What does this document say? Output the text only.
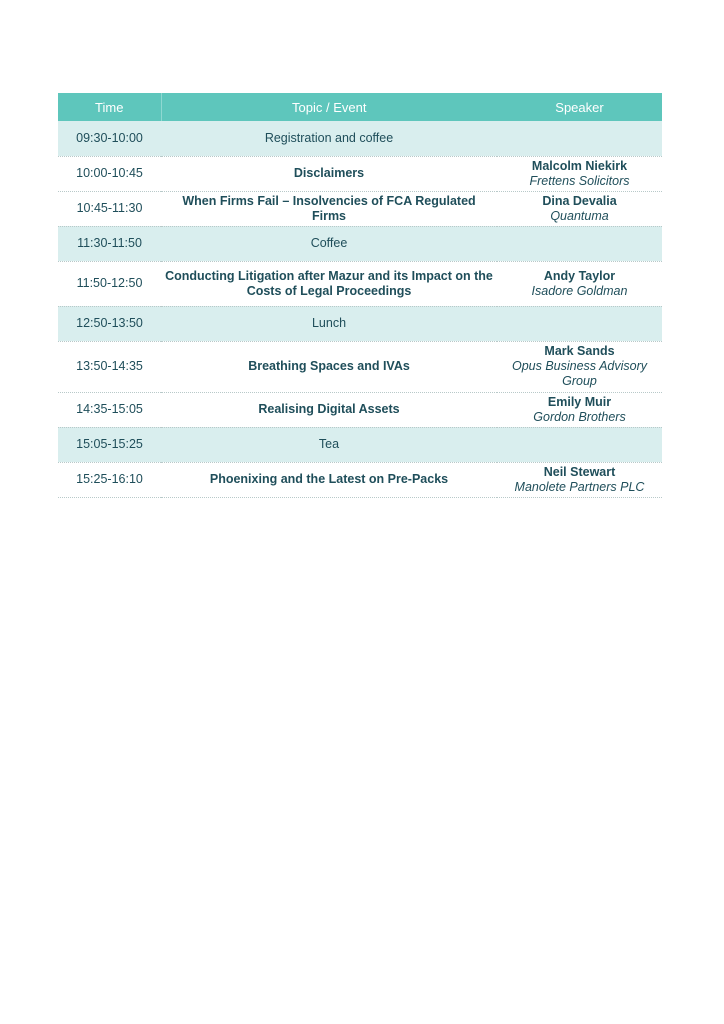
Time	Topic / Event	Speaker
09:30-10:00	Registration and coffee	
10:00-10:45	Disclaimers	Malcolm Niekirk
Frettens Solicitors

10:45-11:30	When Firms Fail – Insolvencies of FCA Regulated Firms	Dina Devalia
Quantuma

11:30-11:50	Coffee	
11:50-12:50	Conducting Litigation after Mazur and its Impact on the Costs of Legal Proceedings	Andy Taylor
Isadore Goldman

12:50-13:50	Lunch	
13:50-14:35	Breathing Spaces and IVAs	Mark Sands
Opus Business Advisory Group

14:35-15:05	Realising Digital Assets	Emily Muir
Gordon Brothers

15:05-15:25	Tea	
15:25-16:10	Phoenixing and the Latest on Pre-Packs	Neil Stewart
Manolete Partners PLC
